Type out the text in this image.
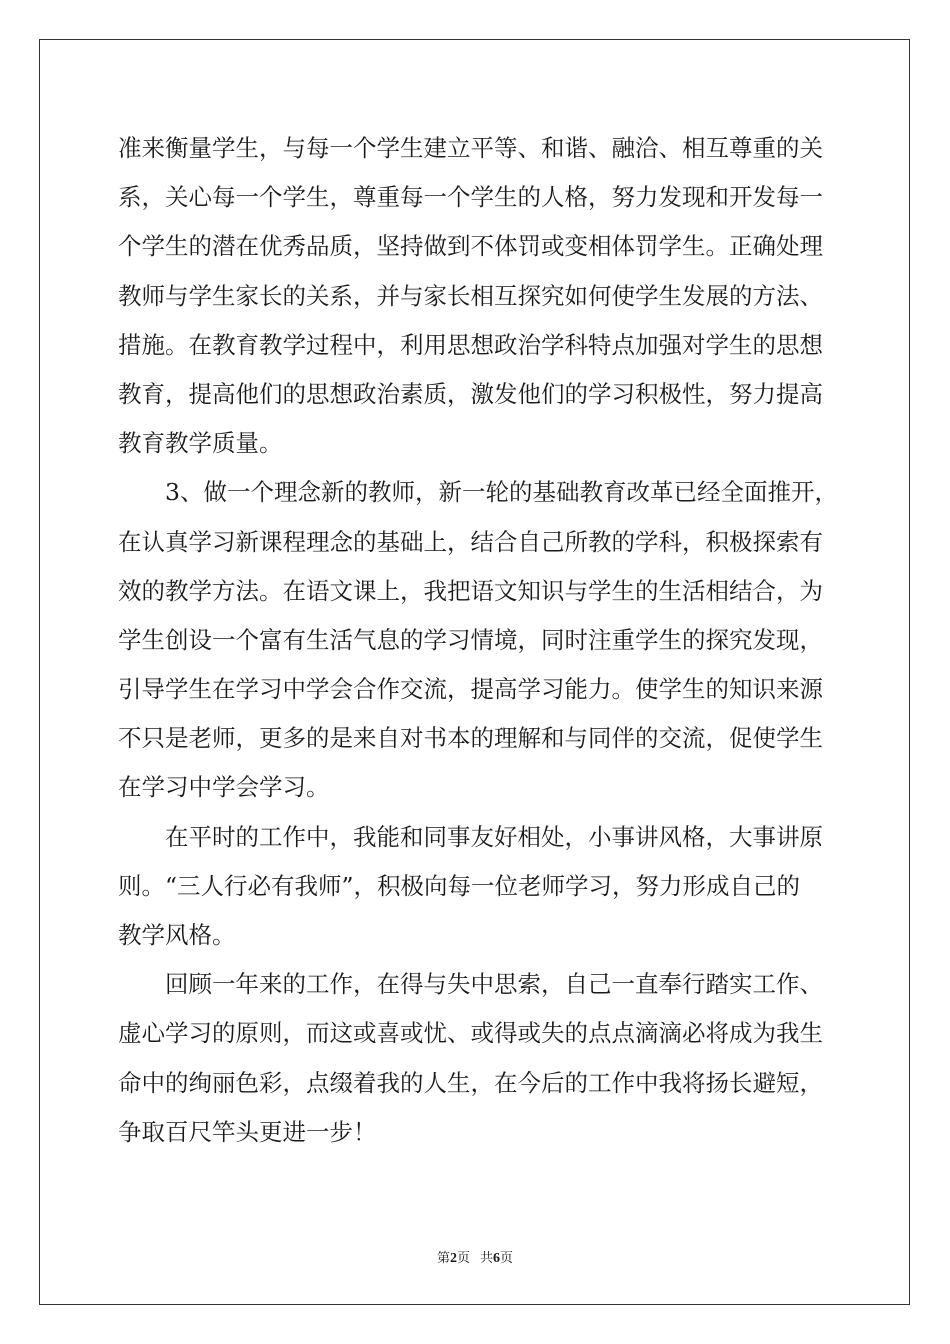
准来衡量学生，与每一个学生建立平等、和谐、融洽、相互尊重的关
系，关心每一个学生，尊重每一个学生的人格，努力发现和开发每一
个学生的潜在优秀品质，坚持做到不体罚或变相体罚学生。正确处理
教师与学生家长的关系，并与家长相互探究如何使学生发展的方法、
措施。在教育教学过程中，利用思想政治学科特点加强对学生的思想
教育，提高他们的思想政治素质，激发他们的学习积极性，努力提高
教育教学质量。
　　3、做一个理念新的教师，新一轮的基础教育改革已经全面推开，
在认真学习新课程理念的基础上，结合自己所教的学科，积极探索有
效的教学方法。在语文课上，我把语文知识与学生的生活相结合，为
学生创设一个富有生活气息的学习情境，同时注重学生的探究发现，
引导学生在学习中学会合作交流，提高学习能力。使学生的知识来源
不只是老师，更多的是来自对书本的理解和与同伴的交流，促使学生
在学习中学会学习。
　　在平时的工作中，我能和同事友好相处，小事讲风格，大事讲原
则。“三人行必有我师”，积极向每一位老师学习，努力形成自己的
教学风格。
　　回顾一年来的工作，在得与失中思索，自己一直奉行踏实工作、
虚心学习的原则，而这或喜或忧、或得或失的点点滴滴必将成为我生
命中的绚丽色彩，点缀着我的人生，在今后的工作中我将扬长避短，
争取百尺竿头更进一步！
第2页 共6页
